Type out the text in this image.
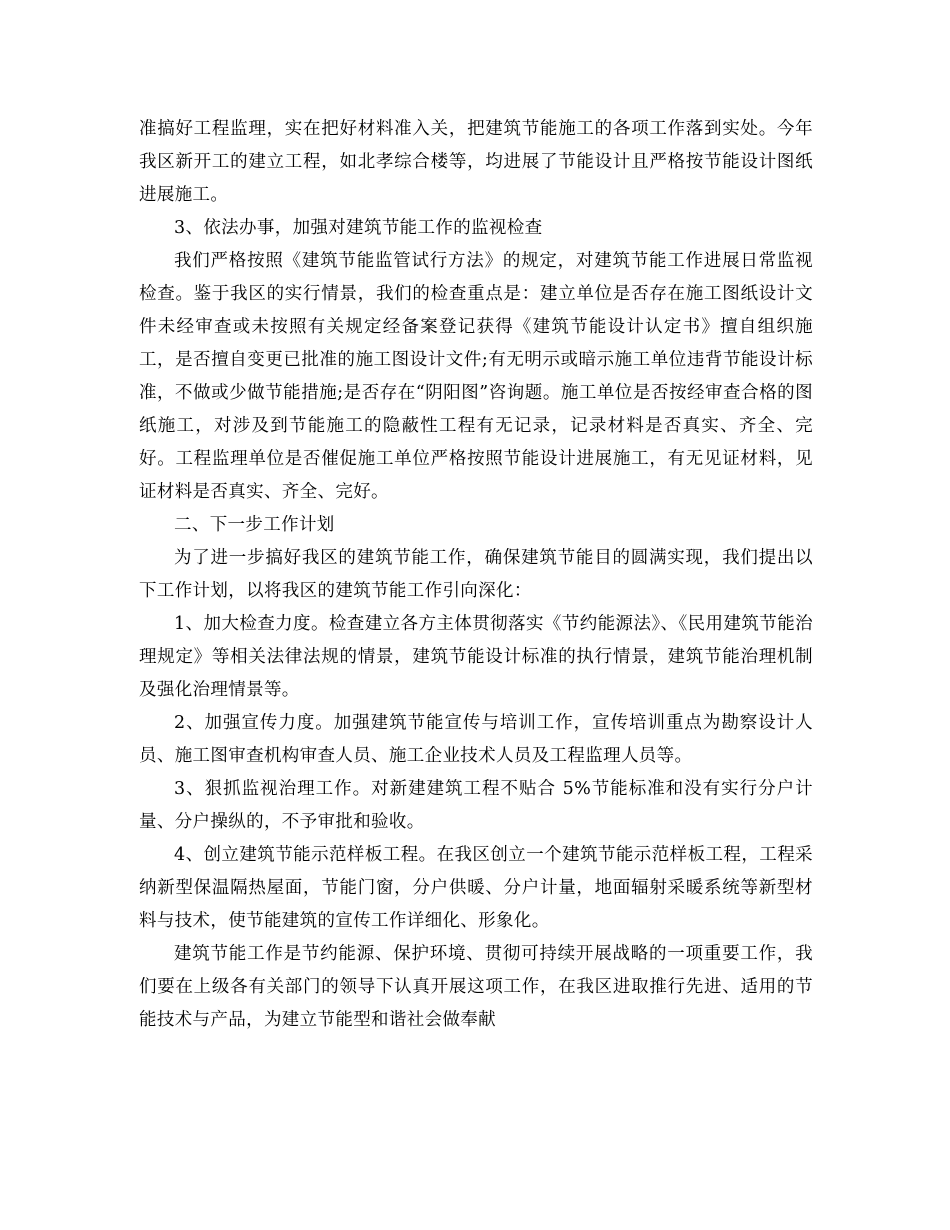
准搞好工程监理，实在把好材料准入关，把建筑节能施工的各项工作落到实处。今年我区新开工的建立工程，如北孝综合楼等，均进展了节能设计且严格按节能设计图纸进展施工。

3、依法办事，加强对建筑节能工作的监视检查

我们严格按照《建筑节能监管试行方法》的规定，对建筑节能工作进展日常监视检查。鉴于我区的实行情景，我们的检查重点是：建立单位是否存在施工图纸设计文件未经审查或未按照有关规定经备案登记获得《建筑节能设计认定书》擅自组织施工，是否擅自变更已批准的施工图设计文件;有无明示或暗示施工单位违背节能设计标准，不做或少做节能措施;是否存在“阴阳图”咨询题。施工单位是否按经审查合格的图纸施工，对涉及到节能施工的隐蔽性工程有无记录，记录材料是否真实、齐全、完好。工程监理单位是否催促施工单位严格按照节能设计进展施工，有无见证材料，见证材料是否真实、齐全、完好。

二、下一步工作计划

为了进一步搞好我区的建筑节能工作，确保建筑节能目的圆满实现，我们提出以下工作计划，以将我区的建筑节能工作引向深化：

1、加大检查力度。检查建立各方主体贯彻落实《节约能源法》、《民用建筑节能治理规定》等相关法律法规的情景，建筑节能设计标准的执行情景，建筑节能治理机制及强化治理情景等。

2、加强宣传力度。加强建筑节能宣传与培训工作，宣传培训重点为勘察设计人员、施工图审查机构审查人员、施工企业技术人员及工程监理人员等。

3、狠抓监视治理工作。对新建建筑工程不贴合 5%节能标准和没有实行分户计量、分户操纵的，不予审批和验收。

4、创立建筑节能示范样板工程。在我区创立一个建筑节能示范样板工程，工程采纳新型保温隔热屋面，节能门窗，分户供暖、分户计量，地面辐射采暖系统等新型材料与技术，使节能建筑的宣传工作详细化、形象化。

建筑节能工作是节约能源、保护环境、贯彻可持续开展战略的一项重要工作，我们要在上级各有关部门的领导下认真开展这项工作，在我区进取推行先进、适用的节能技术与产品，为建立节能型和谐社会做奉献
